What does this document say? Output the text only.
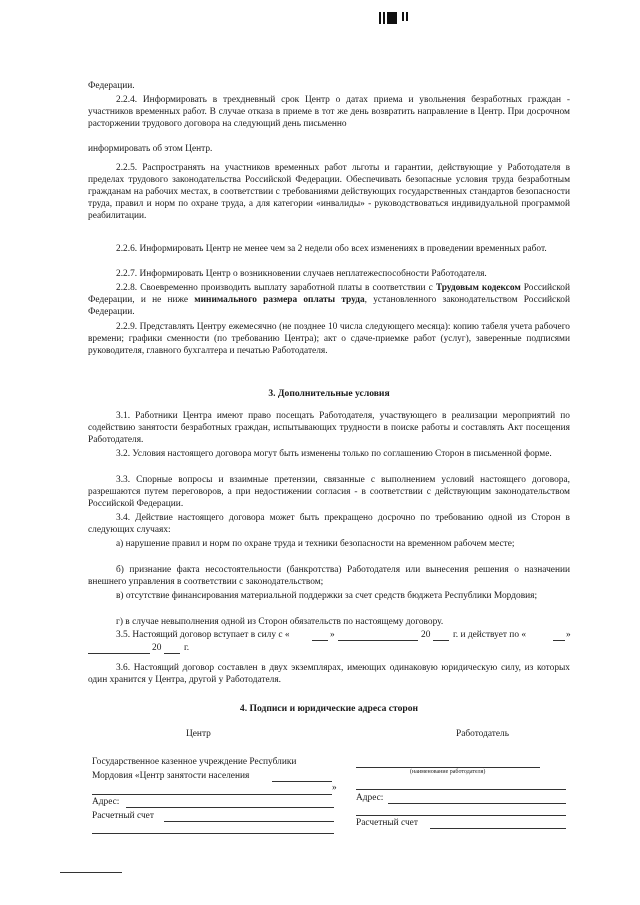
Федерации.

2.2.4. Информировать в трехдневный срок Центр о датах приема и увольнения безработных граждан - участников временных работ. В случае отказа в приеме в тот же день возвратить направление в Центр. При досрочном расторжении трудового договора на следующий день письменно

информировать об этом Центр.

2.2.5. Распространять на участников временных работ льготы и гарантии, действующие у Работодателя в пределах трудового законодательства Российской Федерации. Обеспечивать безопасные условия труда безработным гражданам на рабочих местах, в соответствии с требованиями действующих государственных стандартов безопасности труда, правил и норм по охране труда, а для категории «инвалиды» - руководствоваться индивидуальной программой реабилитации.

2.2.6. Информировать Центр не менее чем за 2 недели обо всех изменениях в проведении временных работ.

2.2.7. Информировать Центр о возникновении случаев неплатежеспособности Работодателя.

2.2.8. Своевременно производить выплату заработной платы в соответствии с Трудовым кодексом Российской Федерации, и не ниже минимального размера оплаты труда, установленного законодательством Российской Федерации.

2.2.9. Представлять Центру ежемесячно (не позднее 10 числа следующего месяца): копию табеля учета рабочего времени; графики сменности (по требованию Центра); акт о сдаче-приемке работ (услуг), заверенные подписями руководителя, главного бухгалтера и печатью Работодателя.

3. Дополнительные условия

3.1. Работники Центра имеют право посещать Работодателя, участвующего в реализации мероприятий по содействию занятости безработных граждан, испытывающих трудности в поиске работы и составлять Акт посещения Работодателя.

3.2. Условия настоящего договора могут быть изменены только по соглашению Сторон в письменной форме.

3.3. Спорные вопросы и взаимные претензии, связанные с выполнением условий настоящего договора, разрешаются путем переговоров, а при недостижении согласия - в соответствии с действующим законодательством Российской Федерации.

3.4. Действие настоящего договора может быть прекращено досрочно по требованию одной из Сторон в следующих случаях:

а) нарушение правил и норм по охране труда и техники безопасности на временном рабочем месте;

б) признание факта несостоятельности (банкротства) Работодателя или вынесения решения о назначении внешнего управления в соответствии с законодательством;

в) отсутствие финансирования материальной поддержки за счет средств бюджета Республики Мордовия;

г) в случае невыполнения одной из Сторон обязательств по настоящему договору.

3.5. Настоящий договор вступает в силу с «	»	20 г. и действует по «	»
20 г.

3.6. Настоящий договор составлен в двух экземплярах, имеющих одинаковую юридическую силу, из которых один хранится у Центра, другой у Работодателя.

4. Подписи и юридические адреса сторон
Центр	Работодатель
Государственное казенное учреждение Республики
Мордовия «Центр занятости населения
»
Адрес:
Расчетный счет
(наименование работодателя)
Адрес:
Расчетный счет
